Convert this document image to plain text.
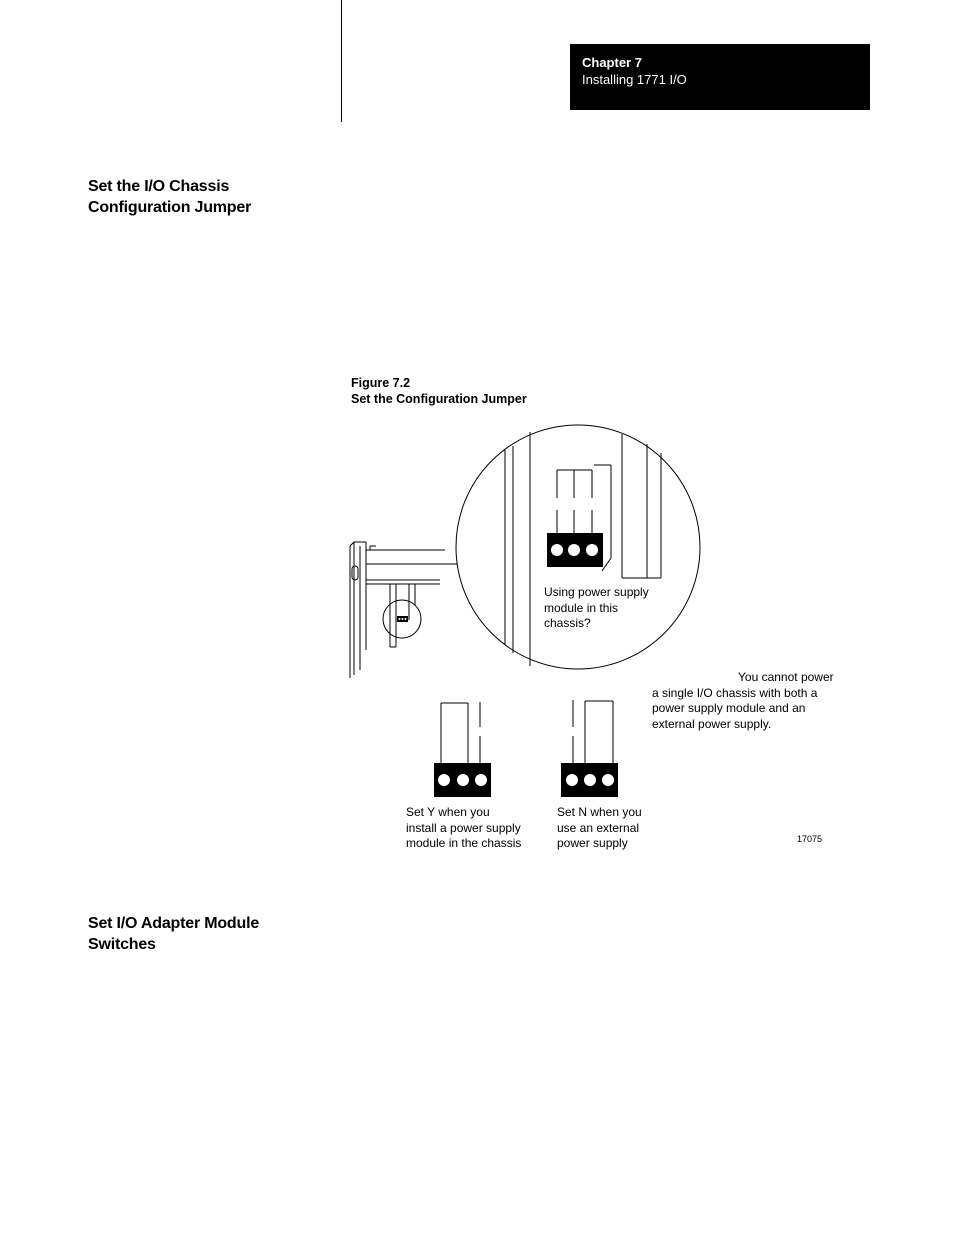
Chapter 7
Installing 1771 I/O
Set the I/O Chassis
Configuration Jumper
Figure 7.2
Set the Configuration Jumper
Using power supply
module in this
chassis?
You cannot power
a single I/O chassis with both a
power supply module and an
external power supply.
Set Y when you
install a power supply
module in the chassis
Set N when you
use an external
power supply	17075
Set I/O Adapter Module
Switches
